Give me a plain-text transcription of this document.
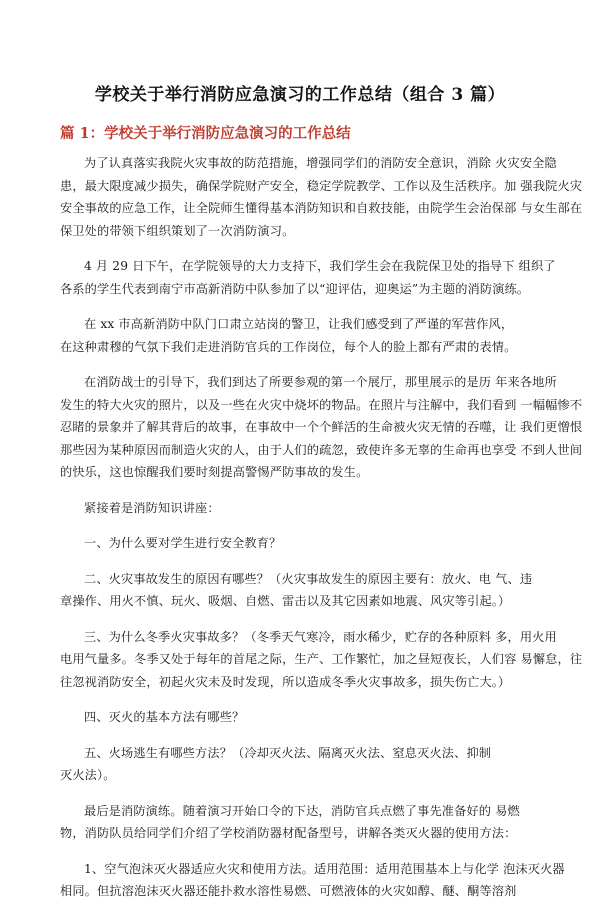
学校关于举行消防应急演习的工作总结（组合 3 篇）
篇 1：学校关于举行消防应急演习的工作总结

为了认真落实我院火灾事故的防范措施，增强同学们的消防安全意识，消除 火灾安全隐
患，最大限度减少损失，确保学院财产安全，稳定学院教学、工作以及生活秩序。加 强我院火灾
安全事故的应急工作，让全院师生懂得基本消防知识和自救技能，由院学生会治保部 与女生部在
保卫处的带领下组织策划了一次消防演习。

4 月 29 日下午，在学院领导的大力支持下，我们学生会在我院保卫处的指导下 组织了
各系的学生代表到南宁市高新消防中队参加了以“迎评估，迎奥运”为主题的消防演练。

在 xx 市高新消防中队门口肃立站岗的警卫，让我们感受到了严谨的军营作风，
在这种肃穆的气氛下我们走进消防官兵的工作岗位，每个人的脸上都有严肃的表情。

在消防战士的引导下，我们到达了所要参观的第一个展厅，那里展示的是历 年来各地所
发生的特大火灾的照片，以及一些在火灾中烧坏的物品。在照片与注解中，我们看到 一幅幅惨不
忍睹的景象并了解其背后的故事，在事故中一个个鲜活的生命被火灾无情的吞噬，让 我们更憎恨
那些因为某种原因而制造火灾的人，由于人们的疏忽，致使许多无辜的生命再也享受 不到人世间
的快乐，这也惊醒我们要时刻提高警惕严防事故的发生。

紧接着是消防知识讲座：

一、为什么要对学生进行安全教育？

二、火灾事故发生的原因有哪些？（火灾事故发生的原因主要有：放火、电 气、违
章操作、用火不慎、玩火、吸烟、自燃、雷击以及其它因素如地震、风灾等引起。）

三、为什么冬季火灾事故多？（冬季天气寒冷，雨水稀少，贮存的各种原料 多，用火用
电用气量多。冬季又处于每年的首尾之际，生产、工作繁忙，加之昼短夜长，人们容 易懈怠，往
往忽视消防安全，初起火灾未及时发现，所以造成冬季火灾事故多，损失伤亡大。）

四、灭火的基本方法有哪些？

五、火场逃生有哪些方法？（冷却灭火法、隔离灭火法、窒息灭火法、抑制
灭火法）。

最后是消防演练。随着演习开始口令的下达，消防官兵点燃了事先准备好的 易燃
物，消防队员给同学们介绍了学校消防器材配备型号，讲解各类灭火器的使用方法：

1、空气泡沫灭火器适应火灾和使用方法。适用范围：适用范围基本上与化学 泡沫灭火器
相同。但抗溶泡沫灭火器还能扑救水溶性易燃、可燃液体的火灾如醇、醚、酮等溶剂
